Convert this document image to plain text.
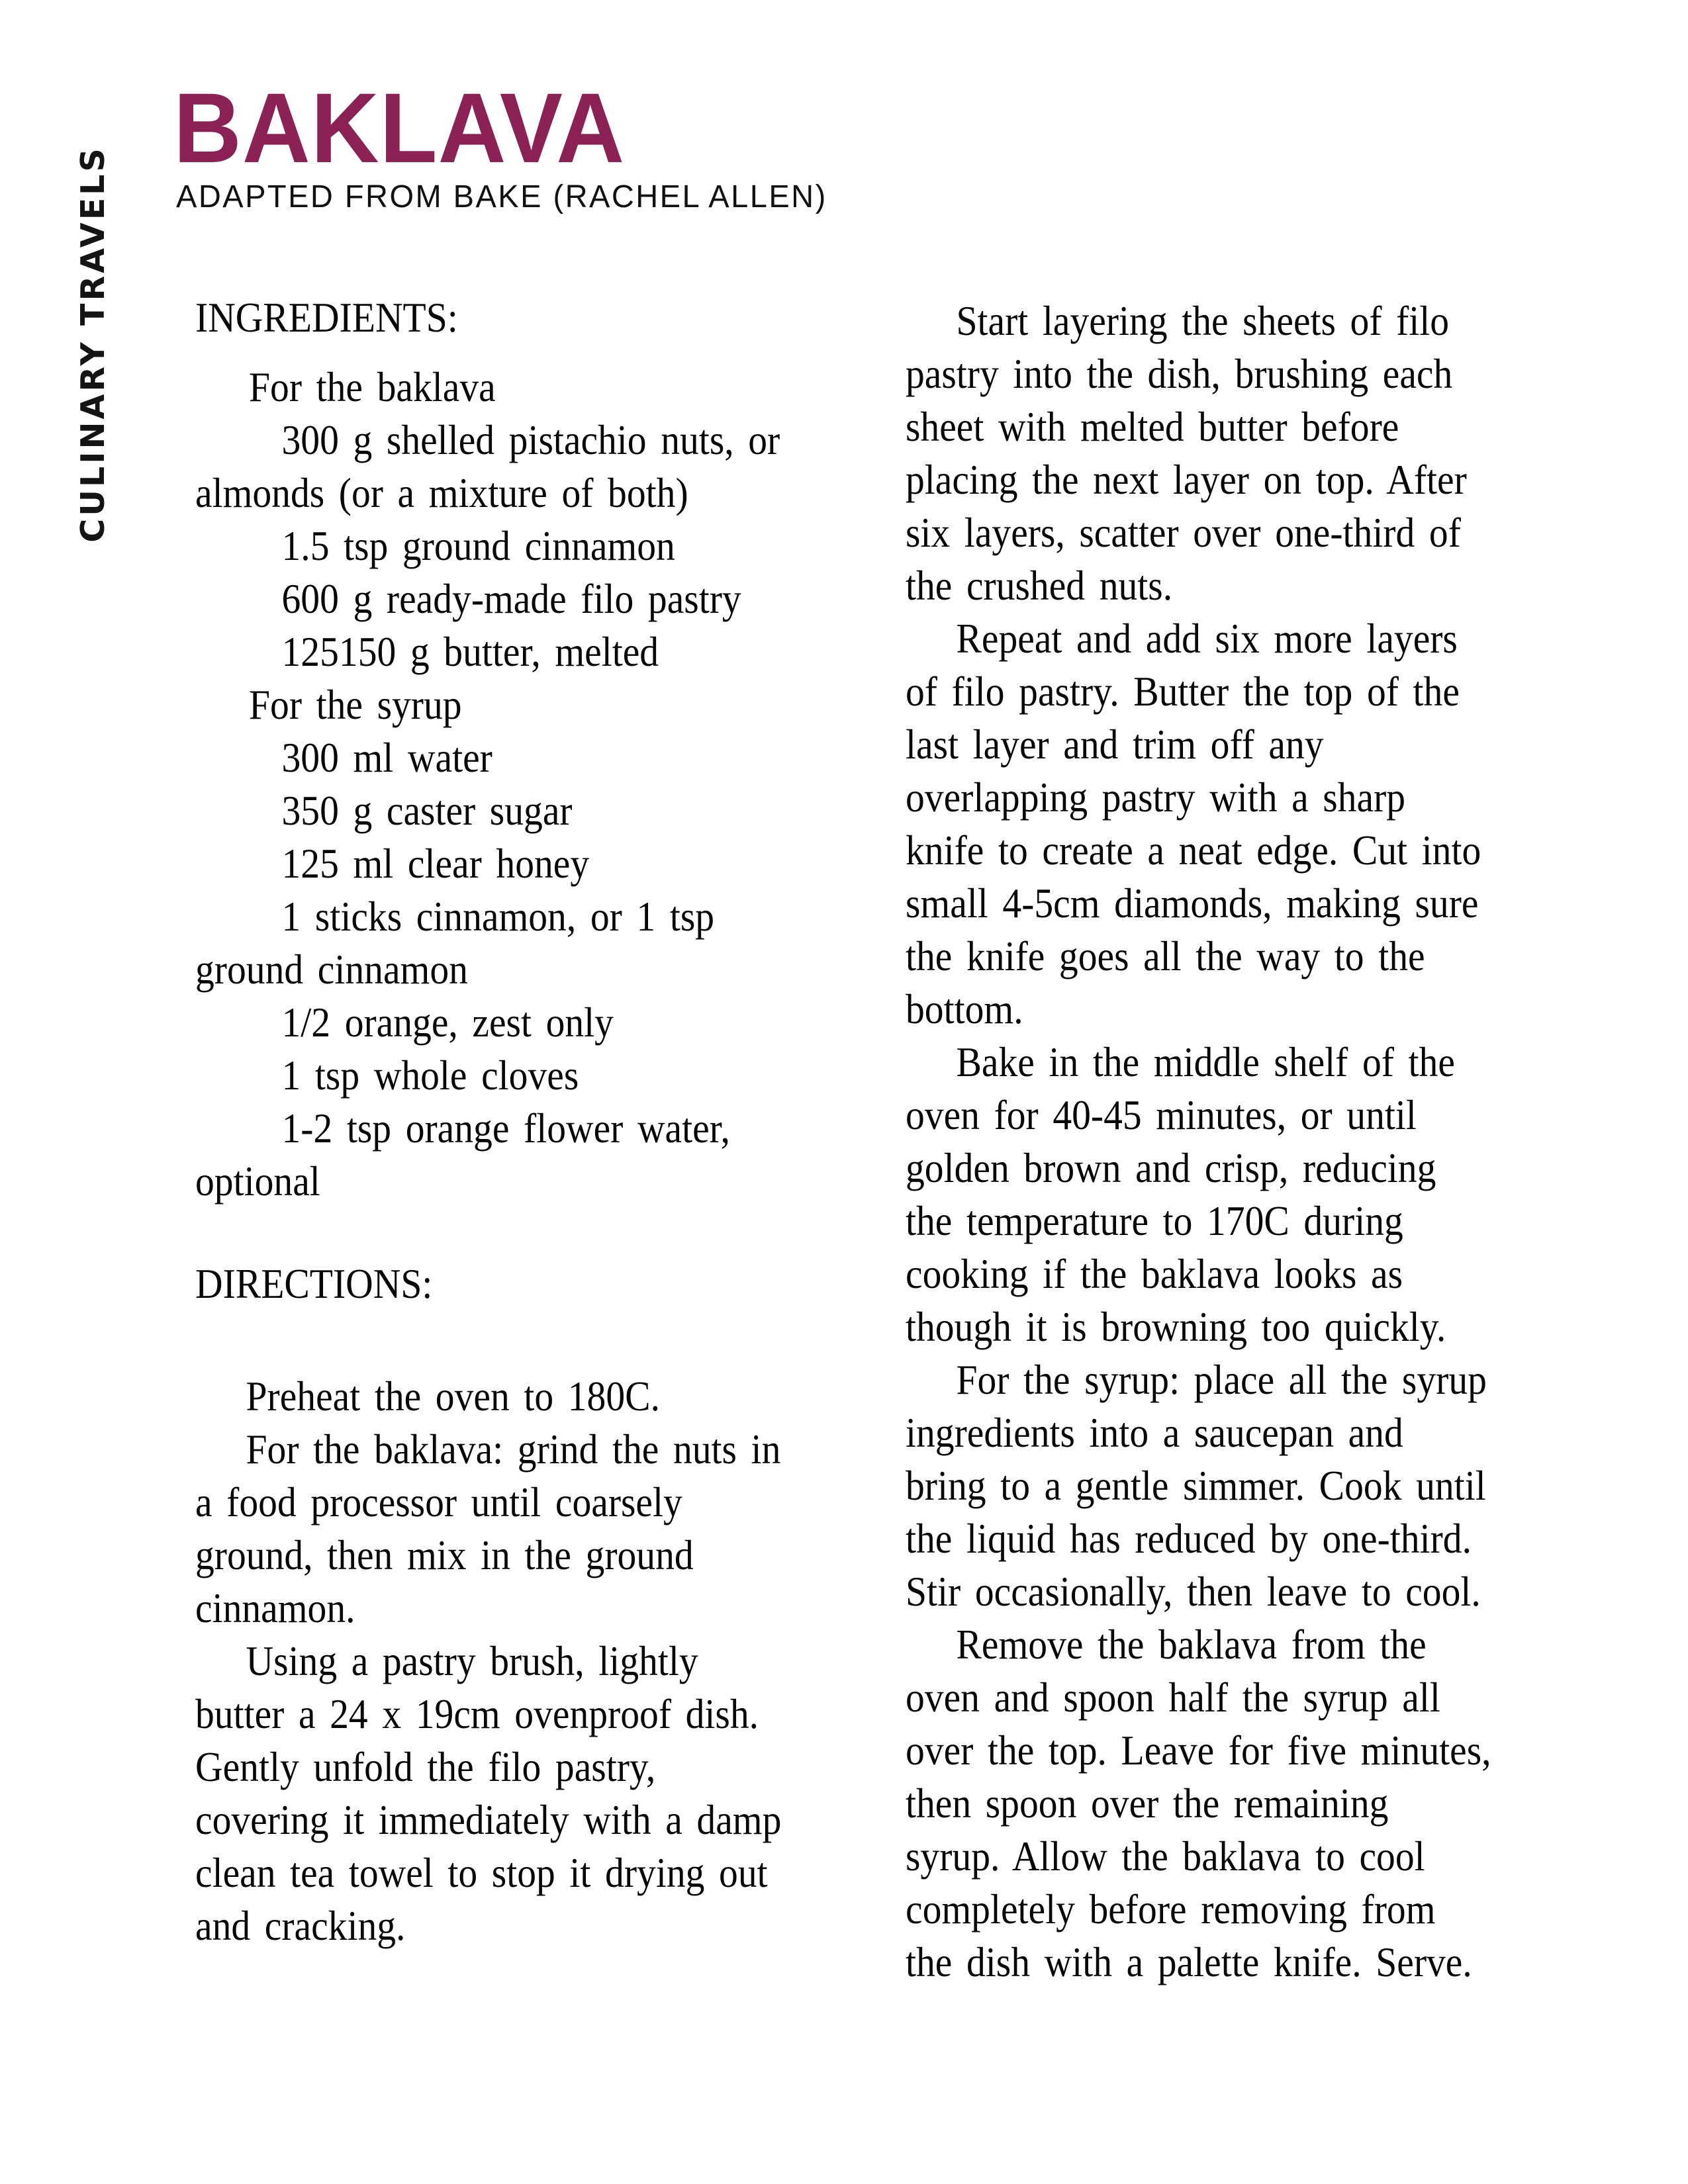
CULINARY TRAVELS
BAKLAVA
ADAPTED FROM BAKE (RACHEL ALLEN)
INGREDIENTS:
For the baklava
300 g shelled pistachio nuts, or
almonds (or a mixture of both)
1.5 tsp ground cinnamon
600 g ready-made filo pastry
125150 g butter, melted
For the syrup
300 ml water
350 g caster sugar
125 ml clear honey
1 sticks cinnamon, or 1 tsp
ground cinnamon
1/2 orange, zest only
1 tsp whole cloves
1-2 tsp orange flower water,
optional
DIRECTIONS:
Preheat the oven to 180C.
For the baklava: grind the nuts in
a food processor until coarsely
ground, then mix in the ground
cinnamon.
Using a pastry brush, lightly
butter a 24 x 19cm ovenproof dish.
Gently unfold the filo pastry,
covering it immediately with a damp
clean tea towel to stop it drying out
and cracking.
Start layering the sheets of filo
pastry into the dish, brushing each
sheet with melted butter before
placing the next layer on top. After
six layers, scatter over one-third of
the crushed nuts.
Repeat and add six more layers
of filo pastry. Butter the top of the
last layer and trim off any
overlapping pastry with a sharp
knife to create a neat edge. Cut into
small 4-5cm diamonds, making sure
the knife goes all the way to the
bottom.
Bake in the middle shelf of the
oven for 40-45 minutes, or until
golden brown and crisp, reducing
the temperature to 170C during
cooking if the baklava looks as
though it is browning too quickly.
For the syrup: place all the syrup
ingredients into a saucepan and
bring to a gentle simmer. Cook until
the liquid has reduced by one-third.
Stir occasionally, then leave to cool.
Remove the baklava from the
oven and spoon half the syrup all
over the top. Leave for five minutes,
then spoon over the remaining
syrup. Allow the baklava to cool
completely before removing from
the dish with a palette knife. Serve.
